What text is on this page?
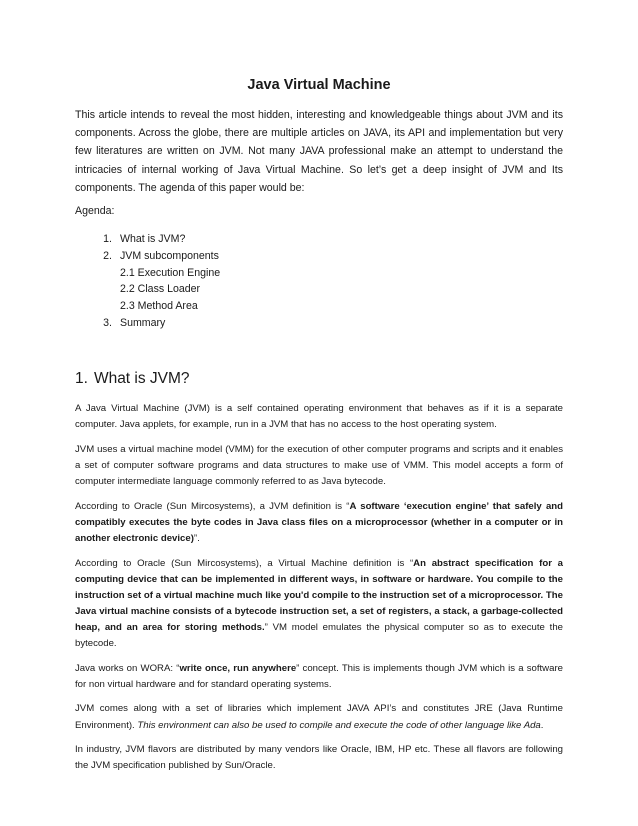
Java Virtual Machine

This article intends to reveal the most hidden, interesting and knowledgeable things about JVM and its components. Across the globe, there are multiple articles on JAVA, its API and implementation but very few literatures are written on JVM. Not many JAVA professional make an attempt to understand the intricacies of internal working of Java Virtual Machine. So let’s get a deep insight of JVM and Its components. The agenda of this paper would be:

Agenda:

1. What is JVM?
2. JVM subcomponents
2.1 Execution Engine
2.2 Class Loader
2.3 Method Area
3. Summary
1. What is JVM?

A Java Virtual Machine (JVM) is a self contained operating environment that behaves as if it is a separate computer. Java applets, for example, run in a JVM that has no access to the host operating system.

JVM uses a virtual machine model (VMM) for the execution of other computer programs and scripts and it enables a set of computer software programs and data structures to make use of VMM. This model accepts a form of computer intermediate language commonly referred to as Java bytecode.

According to Oracle (Sun Mircosystems), a JVM definition is “A software ‘execution engine’ that safely and compatibly executes the byte codes in Java class files on a microprocessor (whether in a computer or in another electronic device)”.

According to Oracle (Sun Mircosystems), a Virtual Machine definition is “An abstract specification for a computing device that can be implemented in different ways, in software or hardware. You compile to the instruction set of a virtual machine much like you'd compile to the instruction set of a microprocessor. The Java virtual machine consists of a bytecode instruction set, a set of registers, a stack, a garbage-collected heap, and an area for storing methods.” VM model emulates the physical computer so as to execute the bytecode.

Java works on WORA: “write once, run anywhere” concept. This is implements though JVM which is a software for non virtual hardware and for standard operating systems.

JVM comes along with a set of libraries which implement JAVA API’s and constitutes JRE (Java Runtime Environment). This environment can also be used to compile and execute the code of other language like Ada.

In industry, JVM flavors are distributed by many vendors like Oracle, IBM, HP etc. These all flavors are following the JVM specification published by Sun/Oracle.
